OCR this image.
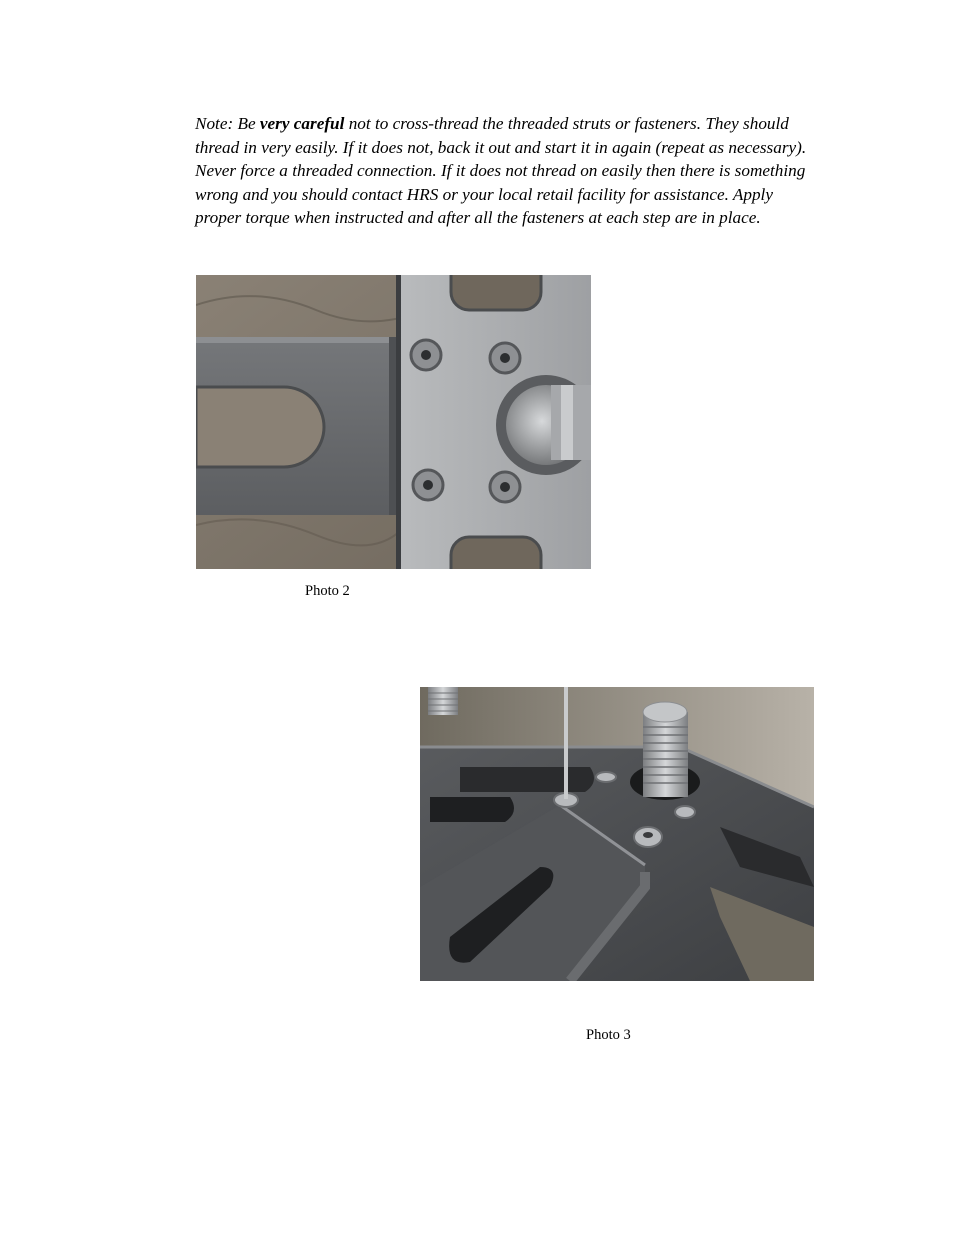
Note: Be very careful not to cross-thread the threaded struts or fasteners. They should thread in very easily. If it does not, back it out and start it in again (repeat as necessary). Never force a threaded connection. If it does not thread on easily then there is something wrong and you should contact HRS or your local retail facility for assistance. Apply proper torque when instructed and after all the fasteners at each step are in place.

Photo 2
Photo 3
